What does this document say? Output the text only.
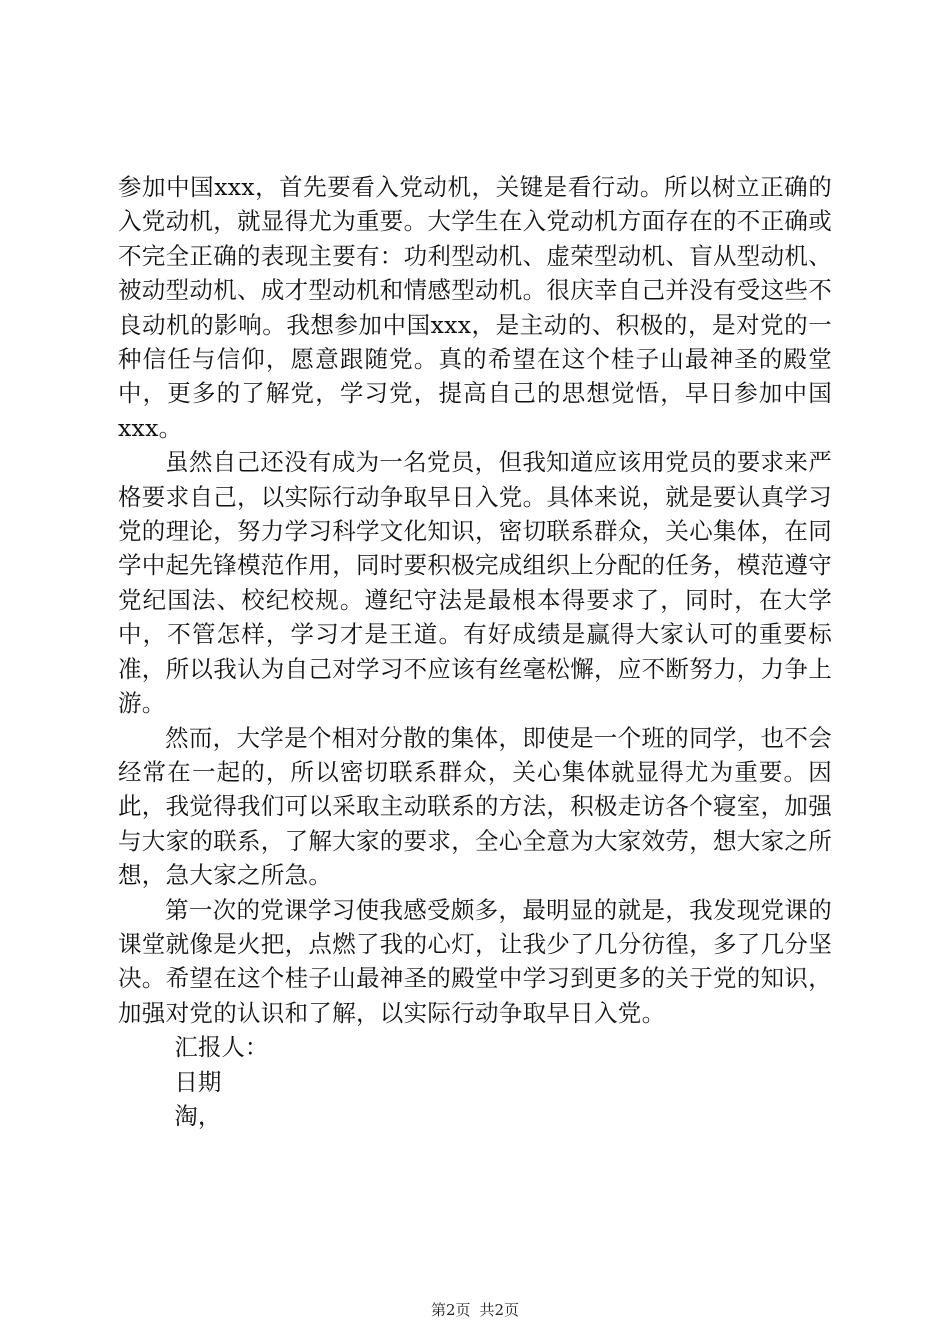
参加中国xxx，首先要看入党动机，关键是看行动。所以树立正确的入党动机，就显得尤为重要。大学生在入党动机方面存在的不正确或不完全正确的表现主要有：功利型动机、虚荣型动机、盲从型动机、被动型动机、成才型动机和情感型动机。很庆幸自己并没有受这些不良动机的影响。我想参加中国xxx，是主动的、积极的，是对党的一种信任与信仰，愿意跟随党。真的希望在这个桂子山最神圣的殿堂中，更多的了解党，学习党，提高自己的思想觉悟，早日参加中国xxx。

虽然自己还没有成为一名党员，但我知道应该用党员的要求来严格要求自己，以实际行动争取早日入党。具体来说，就是要认真学习党的理论，努力学习科学文化知识，密切联系群众，关心集体，在同学中起先锋模范作用，同时要积极完成组织上分配的任务，模范遵守党纪国法、校纪校规。遵纪守法是最根本得要求了，同时，在大学中，不管怎样，学习才是王道。有好成绩是赢得大家认可的重要标准，所以我认为自己对学习不应该有丝毫松懈，应不断努力，力争上游。

然而，大学是个相对分散的集体，即使是一个班的同学，也不会经常在一起的，所以密切联系群众，关心集体就显得尤为重要。因此，我觉得我们可以采取主动联系的方法，积极走访各个寝室，加强与大家的联系，了解大家的要求，全心全意为大家效劳，想大家之所想，急大家之所急。

第一次的党课学习使我感受颇多，最明显的就是，我发现党课的课堂就像是火把，点燃了我的心灯，让我少了几分彷徨，多了几分坚决。希望在这个桂子山最神圣的殿堂中学习到更多的关于党的知识，加强对党的认识和了解，以实际行动争取早日入党。

汇报人：

日期

淘，

第2页 共2页
